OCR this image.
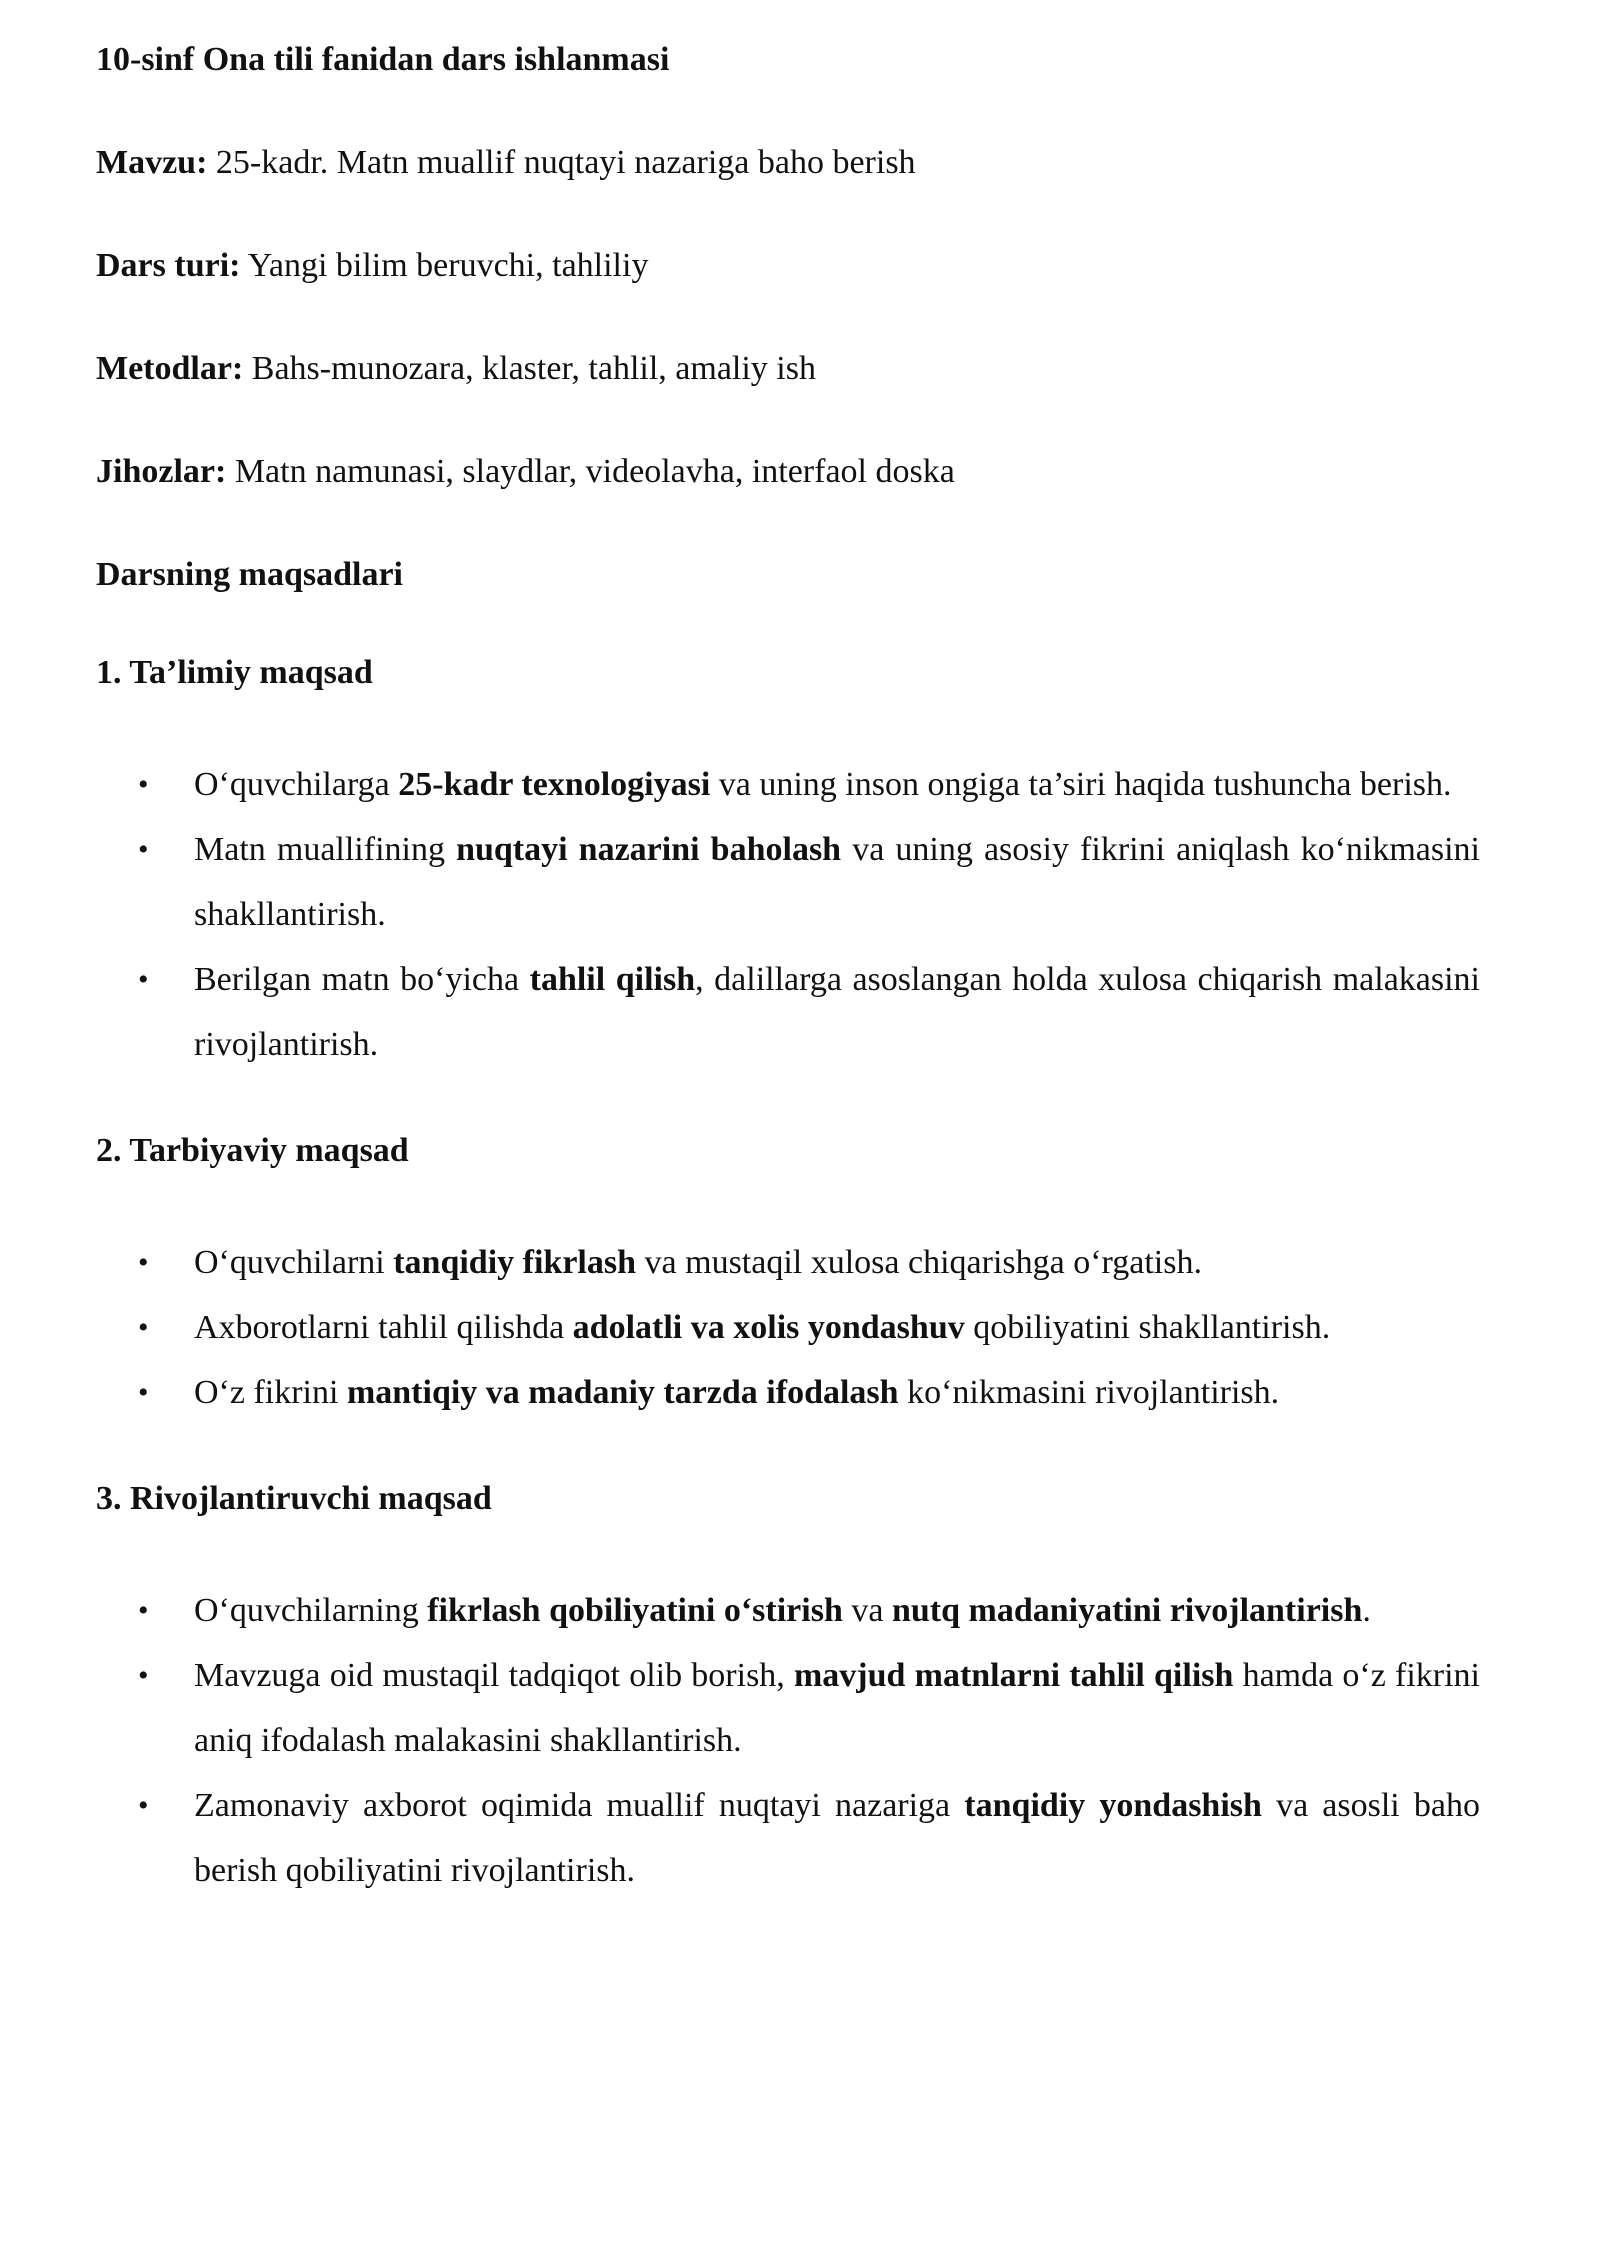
10-sinf Ona tili fanidan dars ishlanmasi

Mavzu: 25-kadr. Matn muallif nuqtayi nazariga baho berish

Dars turi: Yangi bilim beruvchi, tahliliy

Metodlar: Bahs-munozara, klaster, tahlil, amaliy ish

Jihozlar: Matn namunasi, slaydlar, videolavha, interfaol doska

Darsning maqsadlari

1. Ta’limiy maqsad

• O‘quvchilarga 25-kadr texnologiyasi va uning inson ongiga ta’siri haqida tushuncha berish.
• Matn muallifining nuqtayi nazarini baholash va uning asosiy fikrini aniqlash ko‘nikmasini shakllantirish.
• Berilgan matn bo‘yicha tahlil qilish, dalillarga asoslangan holda xulosa chiqarish malakasini rivojlantirish.

2. Tarbiyaviy maqsad

• O‘quvchilarni tanqidiy fikrlash va mustaqil xulosa chiqarishga o‘rgatish.
• Axborotlarni tahlil qilishda adolatli va xolis yondashuv qobiliyatini shakllantirish.
• O‘z fikrini mantiqiy va madaniy tarzda ifodalash ko‘nikmasini rivojlantirish.

3. Rivojlantiruvchi maqsad

• O‘quvchilarning fikrlash qobiliyatini o‘stirish va nutq madaniyatini rivojlantirish.
• Mavzuga oid mustaqil tadqiqot olib borish, mavjud matnlarni tahlil qilish hamda o‘z fikrini aniq ifodalash malakasini shakllantirish.
• Zamonaviy axborot oqimida muallif nuqtayi nazariga tanqidiy yondashish va asosli baho berish qobiliyatini rivojlantirish.
